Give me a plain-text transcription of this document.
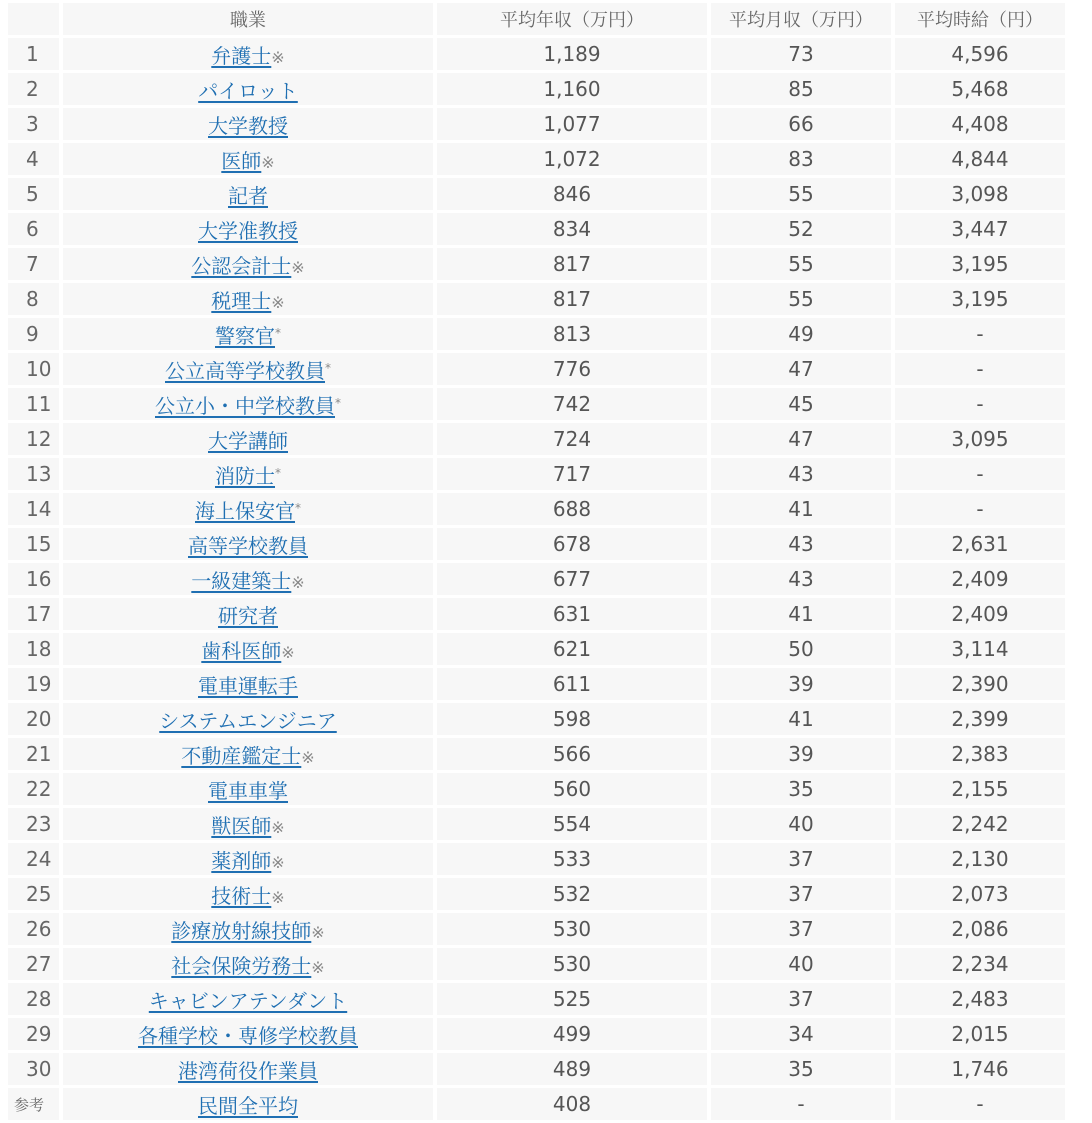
	職業	平均年収（万円）	平均月収（万円）	平均時給（円）
1	弁護士※	1,189	73	4,596
2	パイロット	1,160	85	5,468
3	大学教授	1,077	66	4,408
4	医師※	1,072	83	4,844
5	記者	846	55	3,098
6	大学准教授	834	52	3,447
7	公認会計士※	817	55	3,195
8	税理士※	817	55	3,195
9	警察官*	813	49	-
10	公立高等学校教員*	776	47	-
11	公立小・中学校教員*	742	45	-
12	大学講師	724	47	3,095
13	消防士*	717	43	-
14	海上保安官*	688	41	-
15	高等学校教員	678	43	2,631
16	一級建築士※	677	43	2,409
17	研究者	631	41	2,409
18	歯科医師※	621	50	3,114
19	電車運転手	611	39	2,390
20	システムエンジニア	598	41	2,399
21	不動産鑑定士※	566	39	2,383
22	電車車掌	560	35	2,155
23	獣医師※	554	40	2,242
24	薬剤師※	533	37	2,130
25	技術士※	532	37	2,073
26	診療放射線技師※	530	37	2,086
27	社会保険労務士※	530	40	2,234
28	キャビンアテンダント	525	37	2,483
29	各種学校・専修学校教員	499	34	2,015
30	港湾荷役作業員	489	35	1,746
参考	民間全平均	408	-	-
